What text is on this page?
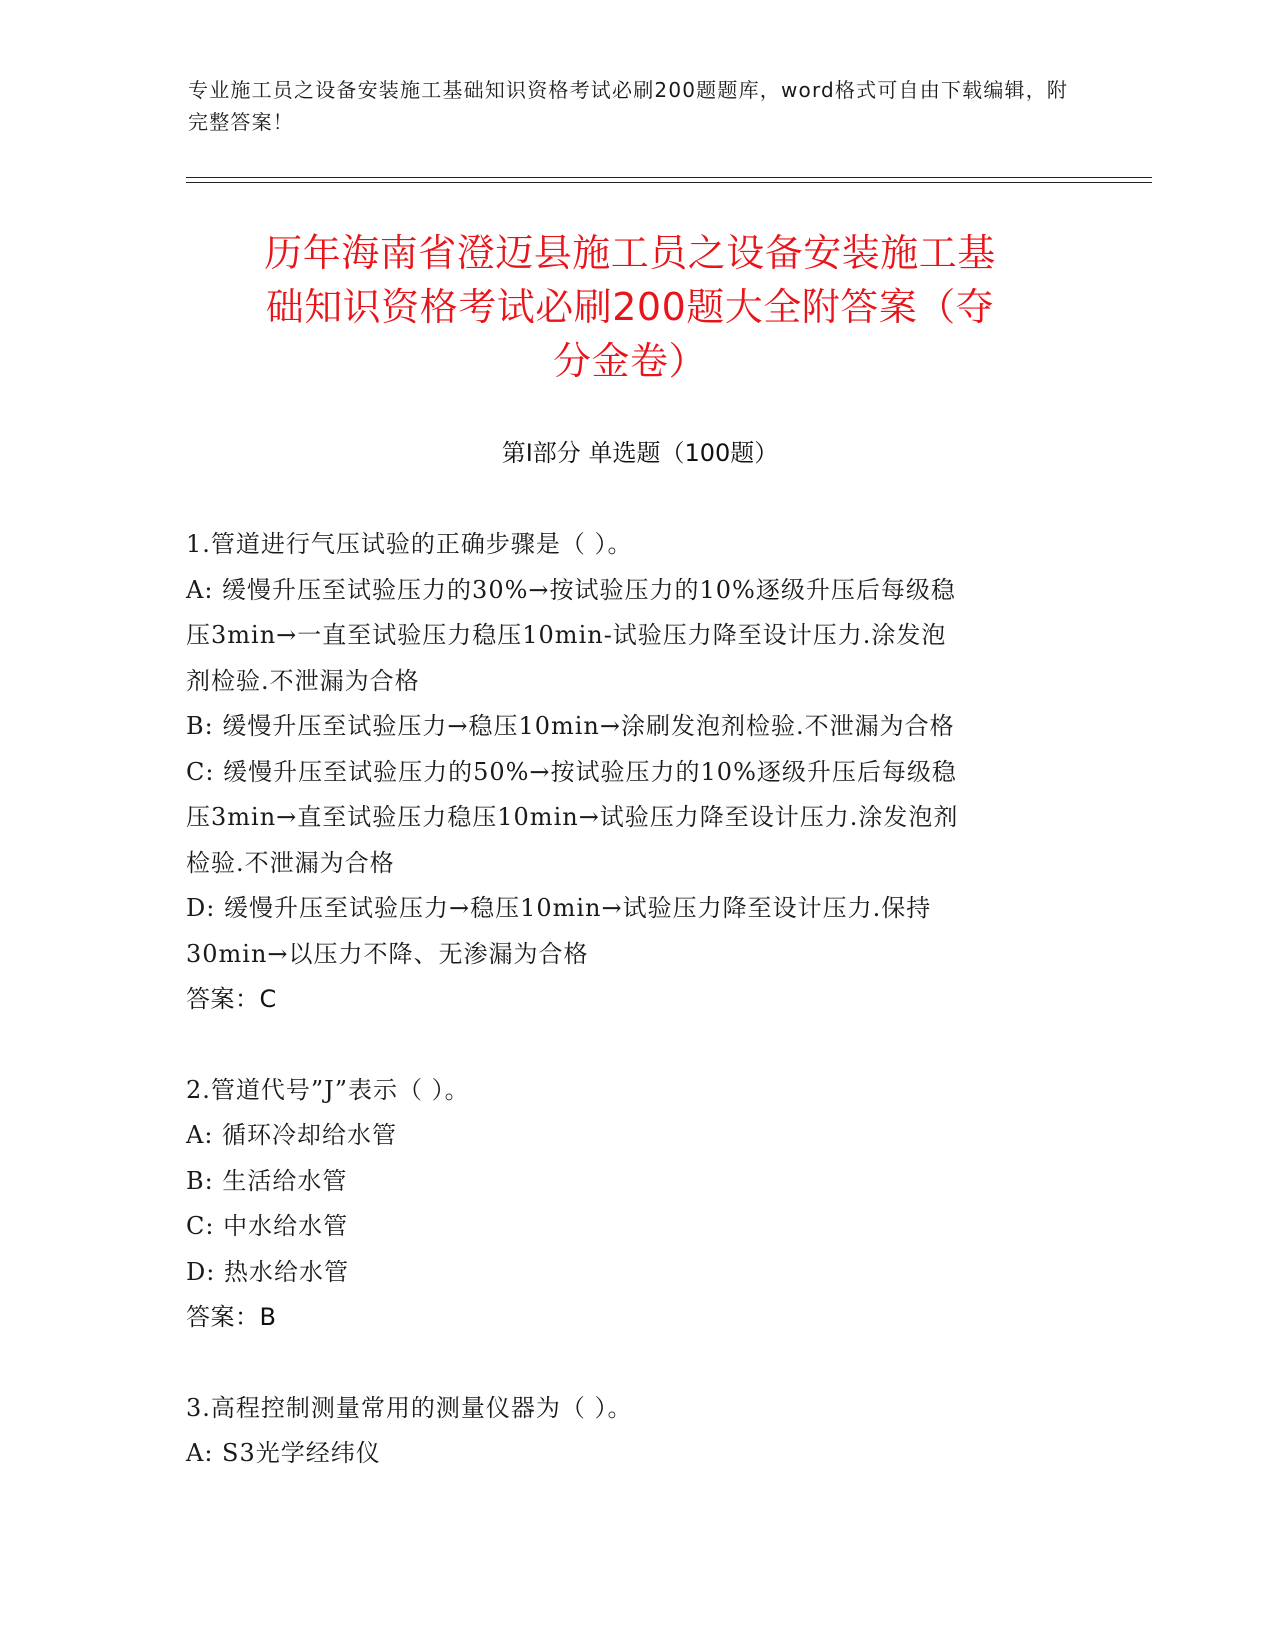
专业施工员之设备安装施工基础知识资格考试必刷200题题库，word格式可自由下载编辑，附完整答案！
历年海南省澄迈县施工员之设备安装施工基
础知识资格考试必刷200题大全附答案（夺
分金卷）
第Ⅰ部分 单选题（100题）

1.管道进行气压试验的正确步骤是（ ）。

A: 缓慢升压至试验压力的30%→按试验压力的10%逐级升压后每级稳

压3min→一直至试验压力稳压10min-试验压力降至设计压力.涂发泡

剂检验.不泄漏为合格

B: 缓慢升压至试验压力→稳压10min→涂刷发泡剂检验.不泄漏为合格

C: 缓慢升压至试验压力的50%→按试验压力的10%逐级升压后每级稳

压3min→直至试验压力稳压10min→试验压力降至设计压力.涂发泡剂

检验.不泄漏为合格

D: 缓慢升压至试验压力→稳压10min→试验压力降至设计压力.保持

30min→以压力不降、无渗漏为合格

答案：C

2.管道代号”J”表示（ ）。

A: 循环冷却给水管

B: 生活给水管

C: 中水给水管

D: 热水给水管

答案：B

3.高程控制测量常用的测量仪器为（ ）。

A: S3光学经纬仪
